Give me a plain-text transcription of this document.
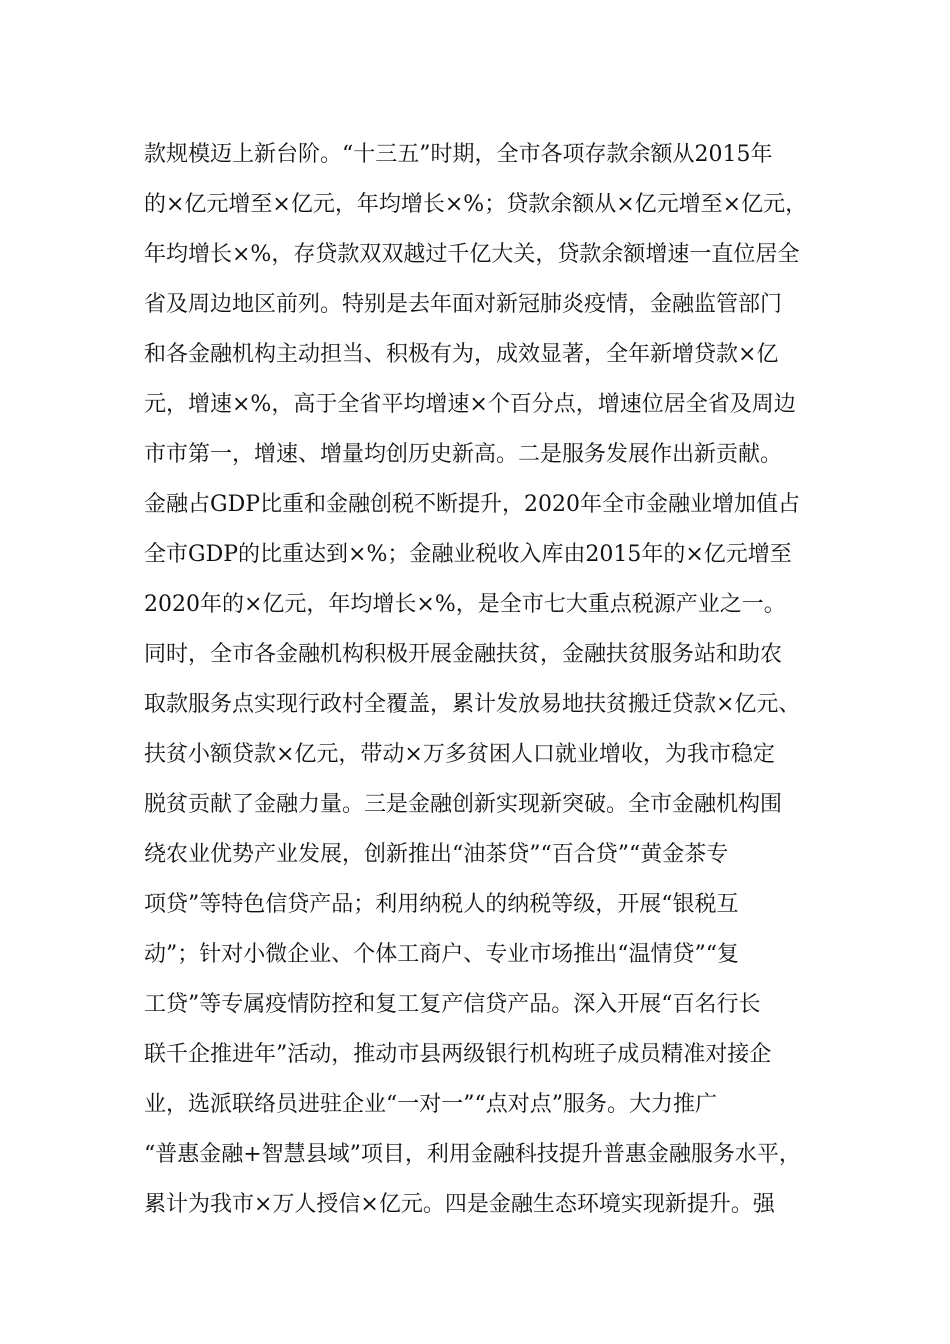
款规模迈上新台阶。“十三五”时期，全市各项存款余额从2015年
的×亿元增至×亿元，年均增长×%；贷款余额从×亿元增至×亿元，
年均增长×%，存贷款双双越过千亿大关，贷款余额增速一直位居全
省及周边地区前列。特别是去年面对新冠肺炎疫情，金融监管部门
和各金融机构主动担当、积极有为，成效显著，全年新增贷款×亿
元，增速×%，高于全省平均增速×个百分点，增速位居全省及周边
市市第一，增速、增量均创历史新高。二是服务发展作出新贡献。
金融占GDP比重和金融创税不断提升，2020年全市金融业增加值占
全市GDP的比重达到×%；金融业税收入库由2015年的×亿元增至
2020年的×亿元，年均增长×%，是全市七大重点税源产业之一。
同时，全市各金融机构积极开展金融扶贫，金融扶贫服务站和助农
取款服务点实现行政村全覆盖，累计发放易地扶贫搬迁贷款×亿元、
扶贫小额贷款×亿元，带动×万多贫困人口就业增收，为我市稳定
脱贫贡献了金融力量。三是金融创新实现新突破。全市金融机构围
绕农业优势产业发展，创新推出“油茶贷”“百合贷”“黄金茶专
项贷”等特色信贷产品；利用纳税人的纳税等级，开展“银税互
动”；针对小微企业、个体工商户、专业市场推出“温情贷”“复
工贷”等专属疫情防控和复工复产信贷产品。深入开展“百名行长
联千企推进年”活动，推动市县两级银行机构班子成员精准对接企
业，选派联络员进驻企业“一对一”“点对点”服务。大力推广
“普惠金融+智慧县域”项目，利用金融科技提升普惠金融服务水平，
累计为我市×万人授信×亿元。四是金融生态环境实现新提升。强
